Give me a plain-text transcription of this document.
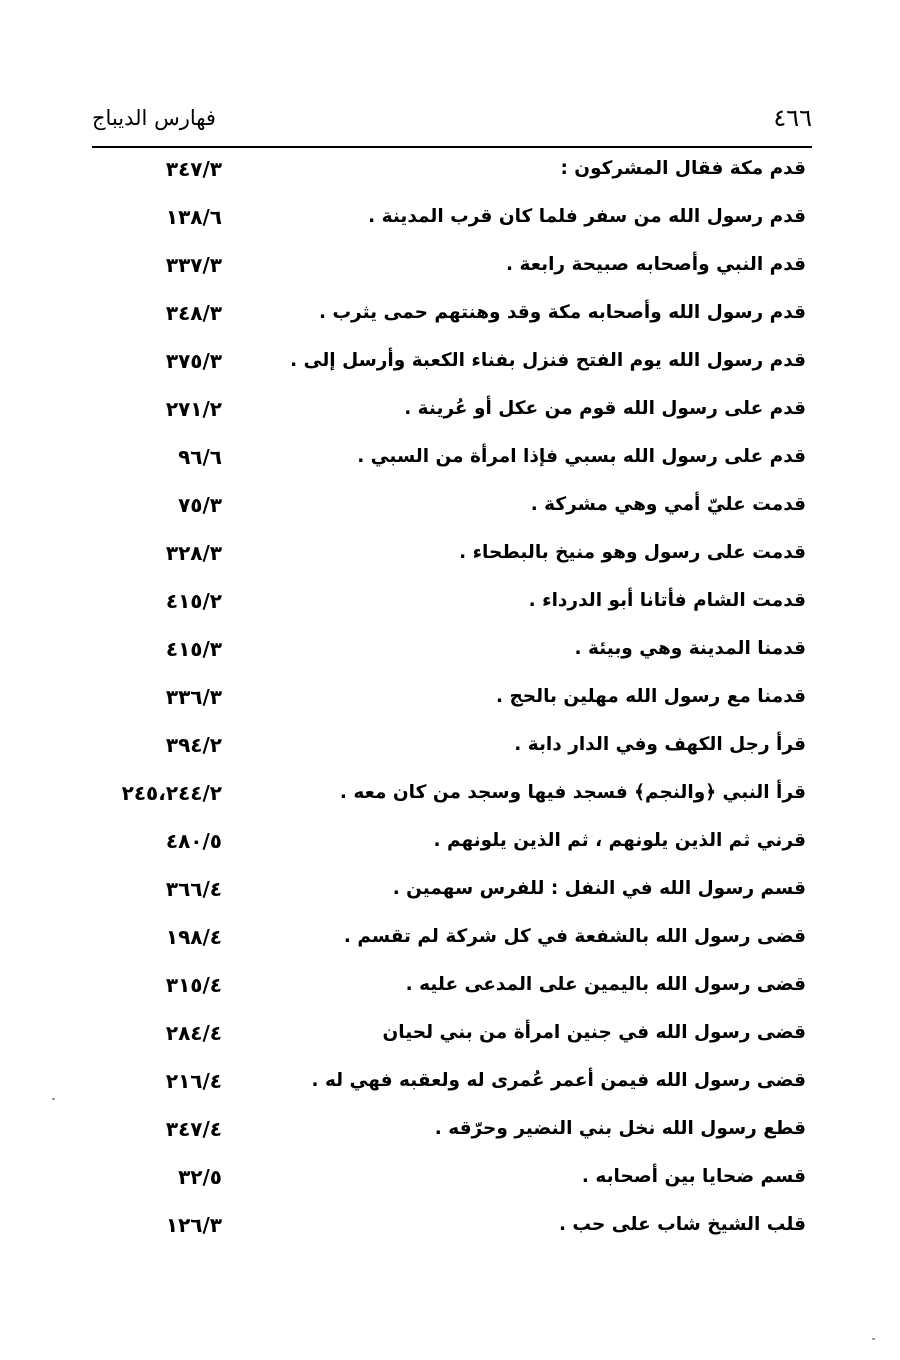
٤٦٦
فهارس الديباج
قدم مكة فقال المشركون :
٣٤٧/٣
قدم رسول الله من سفر فلما كان قرب المدينة .
١٣٨/٦
قدم النبي وأصحابه صبيحة رابعة .
٣٣٧/٣
قدم رسول الله وأصحابه مكة وقد وهنتهم حمى يثرب .
٣٤٨/٣
قدم رسول الله يوم الفتح فنزل بفناء الكعبة وأرسل إلى .
٣٧٥/٣
قدم على رسول الله قوم من عكل أو عُرينة .
٢٧١/٢
قدم على رسول الله بسبي فإذا امرأة من السبي .
٩٦/٦
قدمت عليّ أمي وهي مشركة .
٧٥/٣
قدمت على رسول وهو منيخ بالبطحاء .
٣٢٨/٣
قدمت الشام فأتانا أبو الدرداء .
٤١٥/٢
قدمنا المدينة وهي وبيئة .
٤١٥/٣
قدمنا مع رسول الله مهلين بالحج .
٣٣٦/٣
قرأ رجل الكهف وفي الدار دابة .
٣٩٤/٢
قرأ النبي ﴿والنجم﴾ فسجد فيها وسجد من كان معه .
٢٤٥،٢٤٤/٢
قرني ثم الذين يلونهم ، ثم الذين يلونهم .
٤٨٠/٥
قسم رسول الله في النفل : للفرس سهمين .
٣٦٦/٤
قضى رسول الله بالشفعة في كل شركة لم تقسم .
١٩٨/٤
قضى رسول الله باليمين على المدعى عليه .
٣١٥/٤
قضى رسول الله في جنين امرأة من بني لحيان
٢٨٤/٤
قضى رسول الله فيمن أعمر عُمرى له ولعقبه فهي له .
٢١٦/٤
قطع رسول الله نخل بني النضير وحرّقه .
٣٤٧/٤
قسم ضحايا بين أصحابه .
٣٢/٥
قلب الشيخ شاب على حب .
١٢٦/٣
